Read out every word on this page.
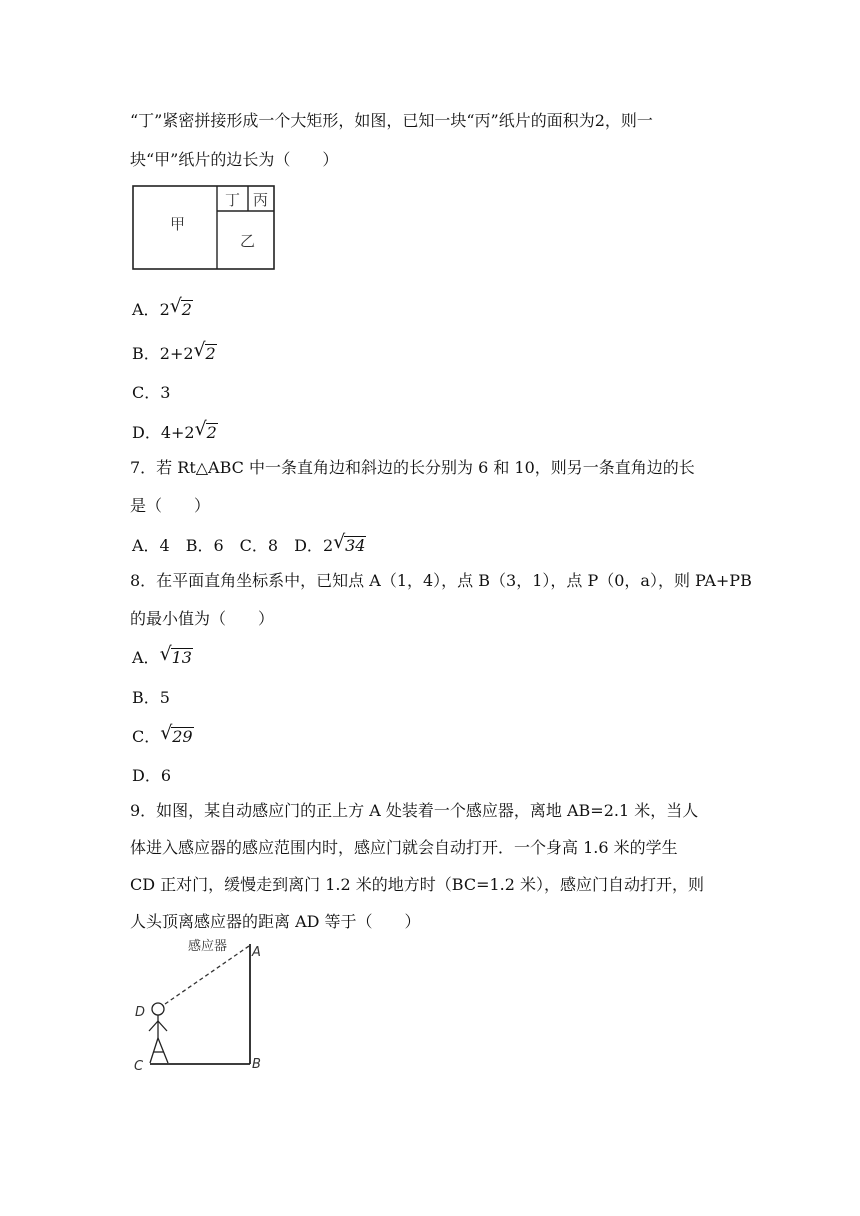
“丁”紧密拼接形成一个大矩形，如图，已知一块“丙”纸片的面积为2，则一
块“甲”纸片的边长为（　　）
甲
乙
丁 丙
A．2 √ 2
B．2+2 √ 2
C．3
D．4+2 √ 2
7．若 Rt△ABC 中一条直角边和斜边的长分别为 6 和 10，则另一条直角边的长
是（　　）
A．4　B．6　C．8　D．2 √ 34
8．在平面直角坐标系中，已知点 A（1，4），点 B（3，1），点 P（0，a），则 PA+PB
的最小值为（　　）
A． √ 13
B．5
C． √ 29
D．6
9．如图，某自动感应门的正上方 A 处装着一个感应器，离地 AB=2.1 米，当人
体进入感应器的感应范围内时，感应门就会自动打开．一个身高 1.6 米的学生
CD 正对门，缓慢走到离门 1.2 米的地方时（BC=1.2 米），感应门自动打开，则
人头顶离感应器的距离 AD 等于（　　）
感应器 A
B
C
D
